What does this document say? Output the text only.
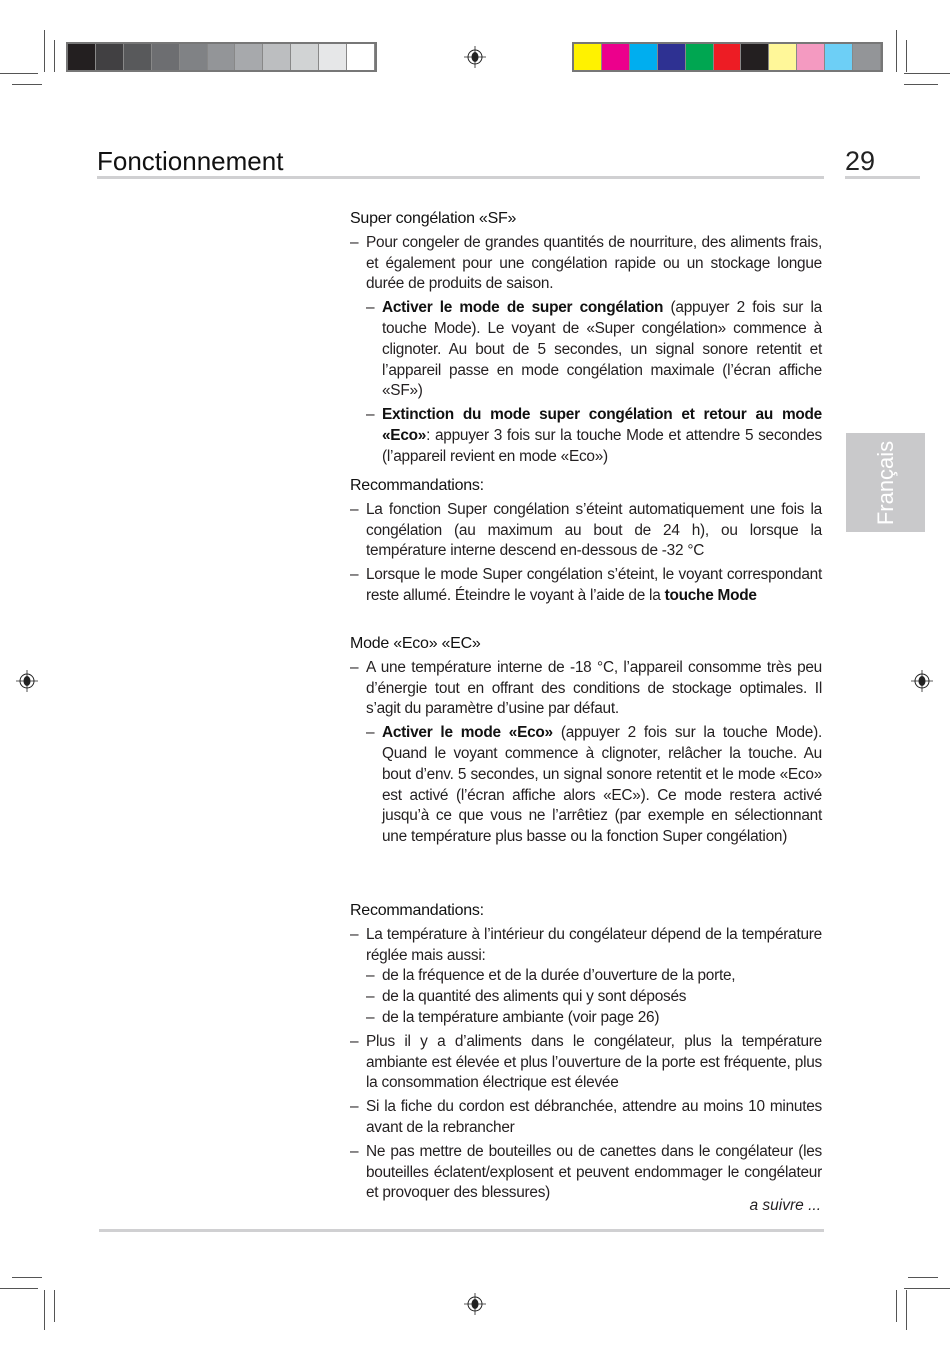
Fonctionnement	29
Français
Super congélation «SF»
– Pour congeler de grandes quantités de nourriture, des aliments frais, et également pour une congélation rapide ou un stockage longue durée de produits de saison.
– Activer le mode de super congélation (appuyer 2 fois sur la touche Mode). Le voyant de «Super congélation» commence à clignoter. Au bout de 5 secondes, un signal sonore retentit et l’appareil passe en mode congélation maximale (l’écran affiche «SF»)
– Extinction du mode super congélation et retour au mode «Eco»: appuyer 3 fois sur la touche Mode et attendre 5 secondes (l’appareil revient en mode «Eco»)
Recommandations:
– La fonction Super congélation s’éteint automatiquement une fois la congélation (au maximum au bout de 24 h), ou lorsque la température interne descend en-dessous de -32 °C
– Lorsque le mode Super congélation s’éteint, le voyant correspondant reste allumé. Éteindre le voyant à l’aide de la touche Mode
Mode «Eco» «EC»
– A une température interne de -18 °C, l’appareil consomme très peu d’énergie tout en offrant des conditions de stockage optimales. Il s’agit du paramètre d’usine par défaut.
– Activer le mode «Eco» (appuyer 2 fois sur la touche Mode). Quand le voyant commence à clignoter, relâcher la touche. Au bout d’env. 5 secondes, un signal sonore retentit et le mode «Eco» est activé (l’écran affiche alors «EC»). Ce mode restera activé jusqu’à ce que vous ne l’arrêtiez (par exemple en sélectionnant une température plus basse ou la fonction Super congélation)
Recommandations:
– La température à l’intérieur du congélateur dépend de la température réglée mais aussi:
– de la fréquence et de la durée d’ouverture de la porte,
– de la quantité des aliments qui y sont déposés
– de la température ambiante (voir page 26)
– Plus il y a d’aliments dans le congélateur, plus la température ambiante est élevée et plus l’ouverture de la porte est fréquente, plus la consommation électrique est élevée
– Si la fiche du cordon est débranchée, attendre au moins 10 minutes avant de la rebrancher
– Ne pas mettre de bouteilles ou de canettes dans le congélateur (les bouteilles éclatent/explosent et peuvent endommager le congélateur et provoquer des blessures)
a suivre ...
